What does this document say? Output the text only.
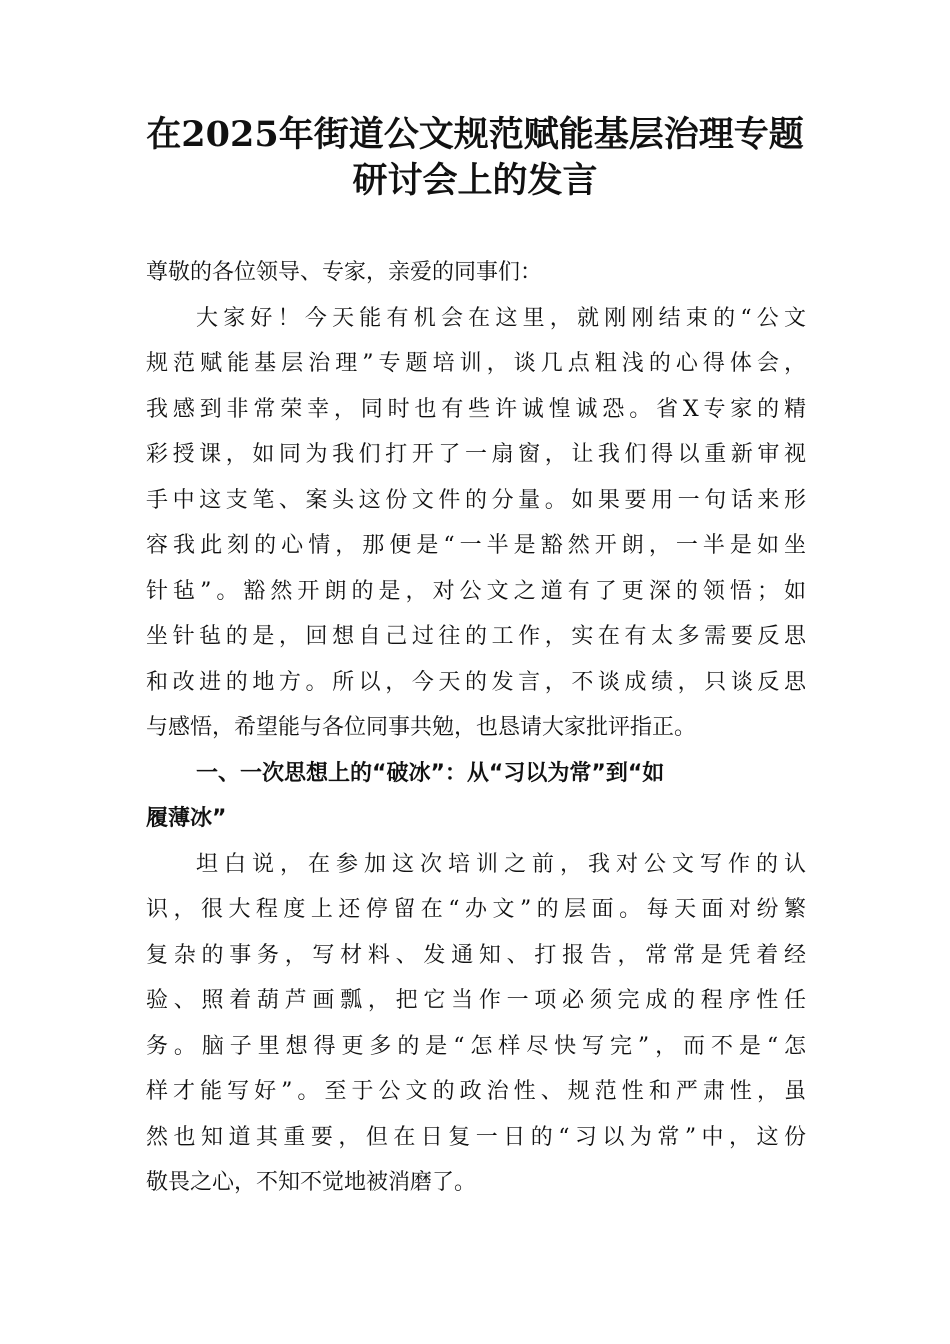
在2025年街道公文规范赋能基层治理专题
研讨会上的发言
尊敬的各位领导、专家，亲爱的同事们：
大家好！今天能有机会在这里，就刚刚结束的“公文
规范赋能基层治理”专题培训，谈几点粗浅的心得体会，
我感到非常荣幸，同时也有些许诚惶诚恐。省X专家的精
彩授课，如同为我们打开了一扇窗，让我们得以重新审视
手中这支笔、案头这份文件的分量。如果要用一句话来形
容我此刻的心情，那便是“一半是豁然开朗，一半是如坐
针毡”。豁然开朗的是，对公文之道有了更深的领悟；如
坐针毡的是，回想自己过往的工作，实在有太多需要反思
和改进的地方。所以，今天的发言，不谈成绩，只谈反思
与感悟，希望能与各位同事共勉，也恳请大家批评指正。
一、一次思想上的“破冰”：从“习以为常”到“如
履薄冰”
坦白说，在参加这次培训之前，我对公文写作的认
识，很大程度上还停留在“办文”的层面。每天面对纷繁
复杂的事务，写材料、发通知、打报告，常常是凭着经
验、照着葫芦画瓢，把它当作一项必须完成的程序性任
务。脑子里想得更多的是“怎样尽快写完”，而不是“怎
样才能写好”。至于公文的政治性、规范性和严肃性，虽
然也知道其重要，但在日复一日的“习以为常”中，这份
敬畏之心，不知不觉地被消磨了。
